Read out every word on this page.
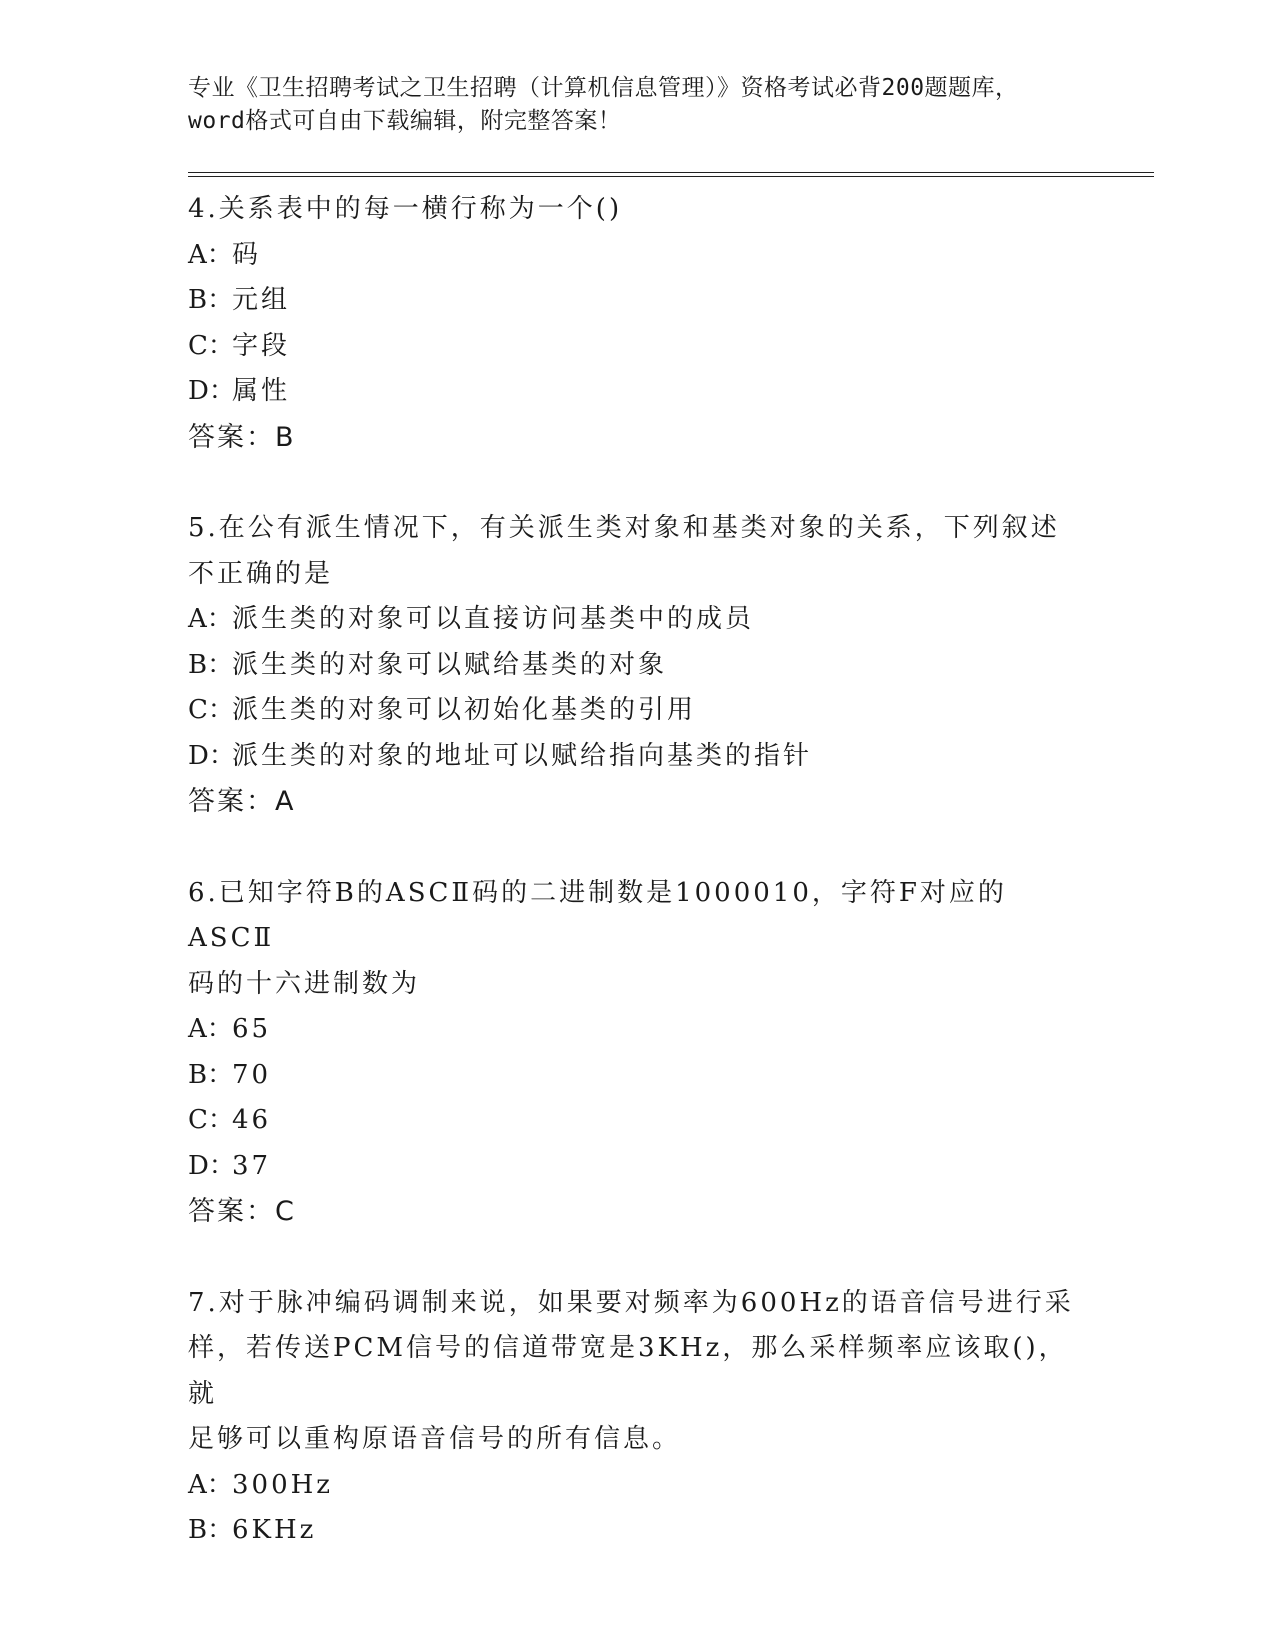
专业《卫生招聘考试之卫生招聘（计算机信息管理）》资格考试必背200题题库，
word格式可自由下载编辑，附完整答案！

4.关系表中的每一横行称为一个()

A：码

B：元组

C：字段

D：属性

答案：B

5.在公有派生情况下，有关派生类对象和基类对象的关系，下列叙述

不正确的是

A：派生类的对象可以直接访问基类中的成员

B：派生类的对象可以赋给基类的对象

C：派生类的对象可以初始化基类的引用

D：派生类的对象的地址可以赋给指向基类的指针

答案：A

6.已知字符B的ASCⅡ码的二进制数是1000010，字符F对应的ASCⅡ

码的十六进制数为

A：65

B：70

C：46

D：37

答案：C

7.对于脉冲编码调制来说，如果要对频率为600Hz的语音信号进行采

样，若传送PCM信号的信道带宽是3KHz，那么采样频率应该取()，就

足够可以重构原语音信号的所有信息。

A：300Hz

B：6KHz
